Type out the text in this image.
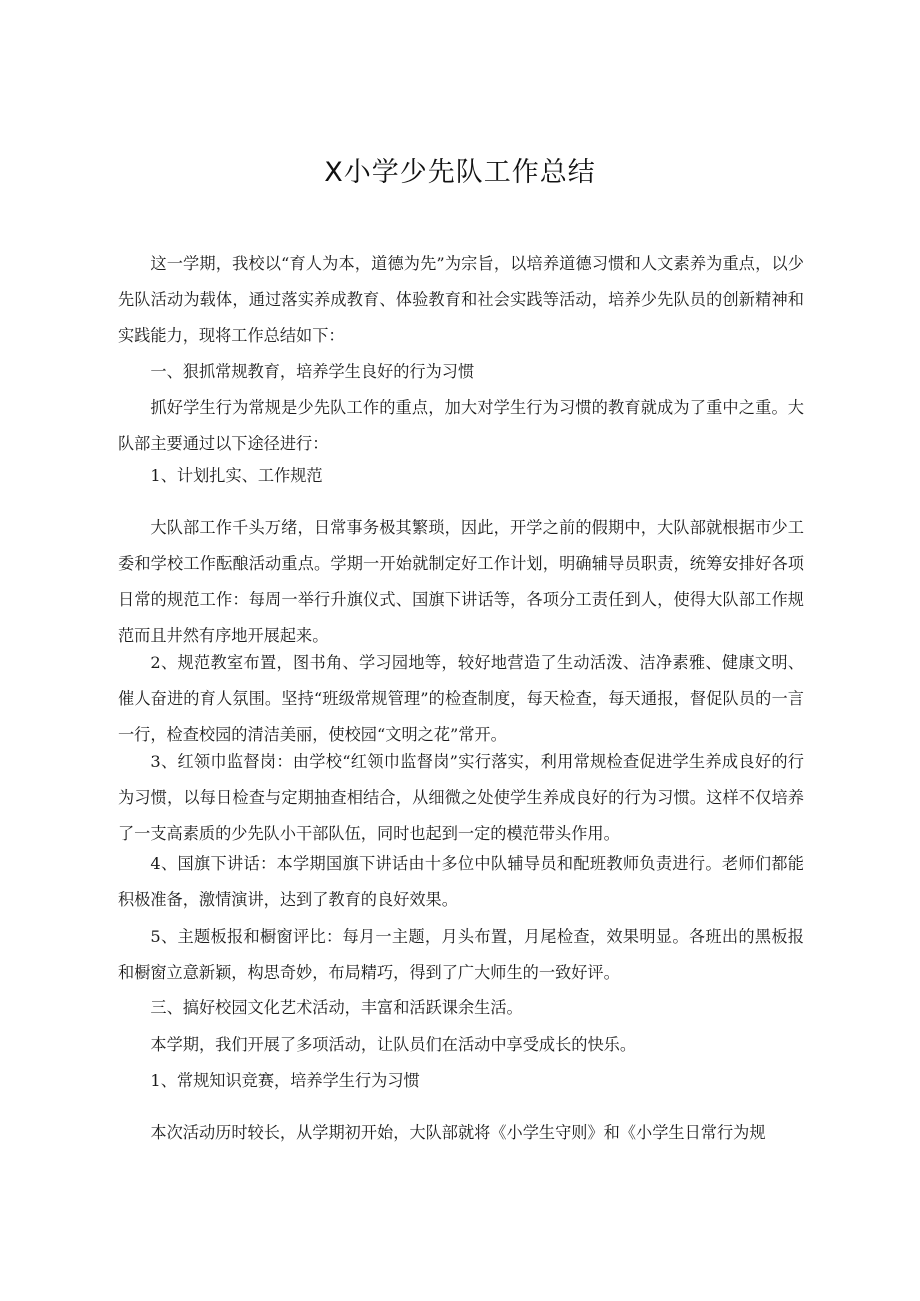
X小学少先队工作总结

这一学期，我校以“育人为本，道德为先”为宗旨，以培养道德习惯和人文素养为重点，以少先队活动为载体，通过落实养成教育、体验教育和社会实践等活动，培养少先队员的创新精神和实践能力，现将工作总结如下：

一、狠抓常规教育，培养学生良好的行为习惯

抓好学生行为常规是少先队工作的重点，加大对学生行为习惯的教育就成为了重中之重。大队部主要通过以下途径进行：

1、计划扎实、工作规范

大队部工作千头万绪，日常事务极其繁琐，因此，开学之前的假期中，大队部就根据市少工委和学校工作酝酿活动重点。学期一开始就制定好工作计划，明确辅导员职责，统筹安排好各项日常的规范工作：每周一举行升旗仪式、国旗下讲话等，各项分工责任到人，使得大队部工作规范而且井然有序地开展起来。

2、规范教室布置，图书角、学习园地等，较好地营造了生动活泼、洁净素雅、健康文明、催人奋进的育人氛围。坚持“班级常规管理”的检查制度，每天检查，每天通报，督促队员的一言一行，检查校园的清洁美丽，使校园“文明之花”常开。

3、红领巾监督岗：由学校“红领巾监督岗”实行落实，利用常规检查促进学生养成良好的行为习惯，以每日检查与定期抽查相结合，从细微之处使学生养成良好的行为习惯。这样不仅培养了一支高素质的少先队小干部队伍，同时也起到一定的模范带头作用。

4、国旗下讲话：本学期国旗下讲话由十多位中队辅导员和配班教师负责进行。老师们都能积极准备，激情演讲，达到了教育的良好效果。

5、主题板报和橱窗评比：每月一主题，月头布置，月尾检查，效果明显。各班出的黑板报和橱窗立意新颖，构思奇妙，布局精巧，得到了广大师生的一致好评。

三、搞好校园文化艺术活动，丰富和活跃课余生活。

本学期，我们开展了多项活动，让队员们在活动中享受成长的快乐。

1、常规知识竞赛，培养学生行为习惯

本次活动历时较长，从学期初开始，大队部就将《小学生守则》和《小学生日常行为规
